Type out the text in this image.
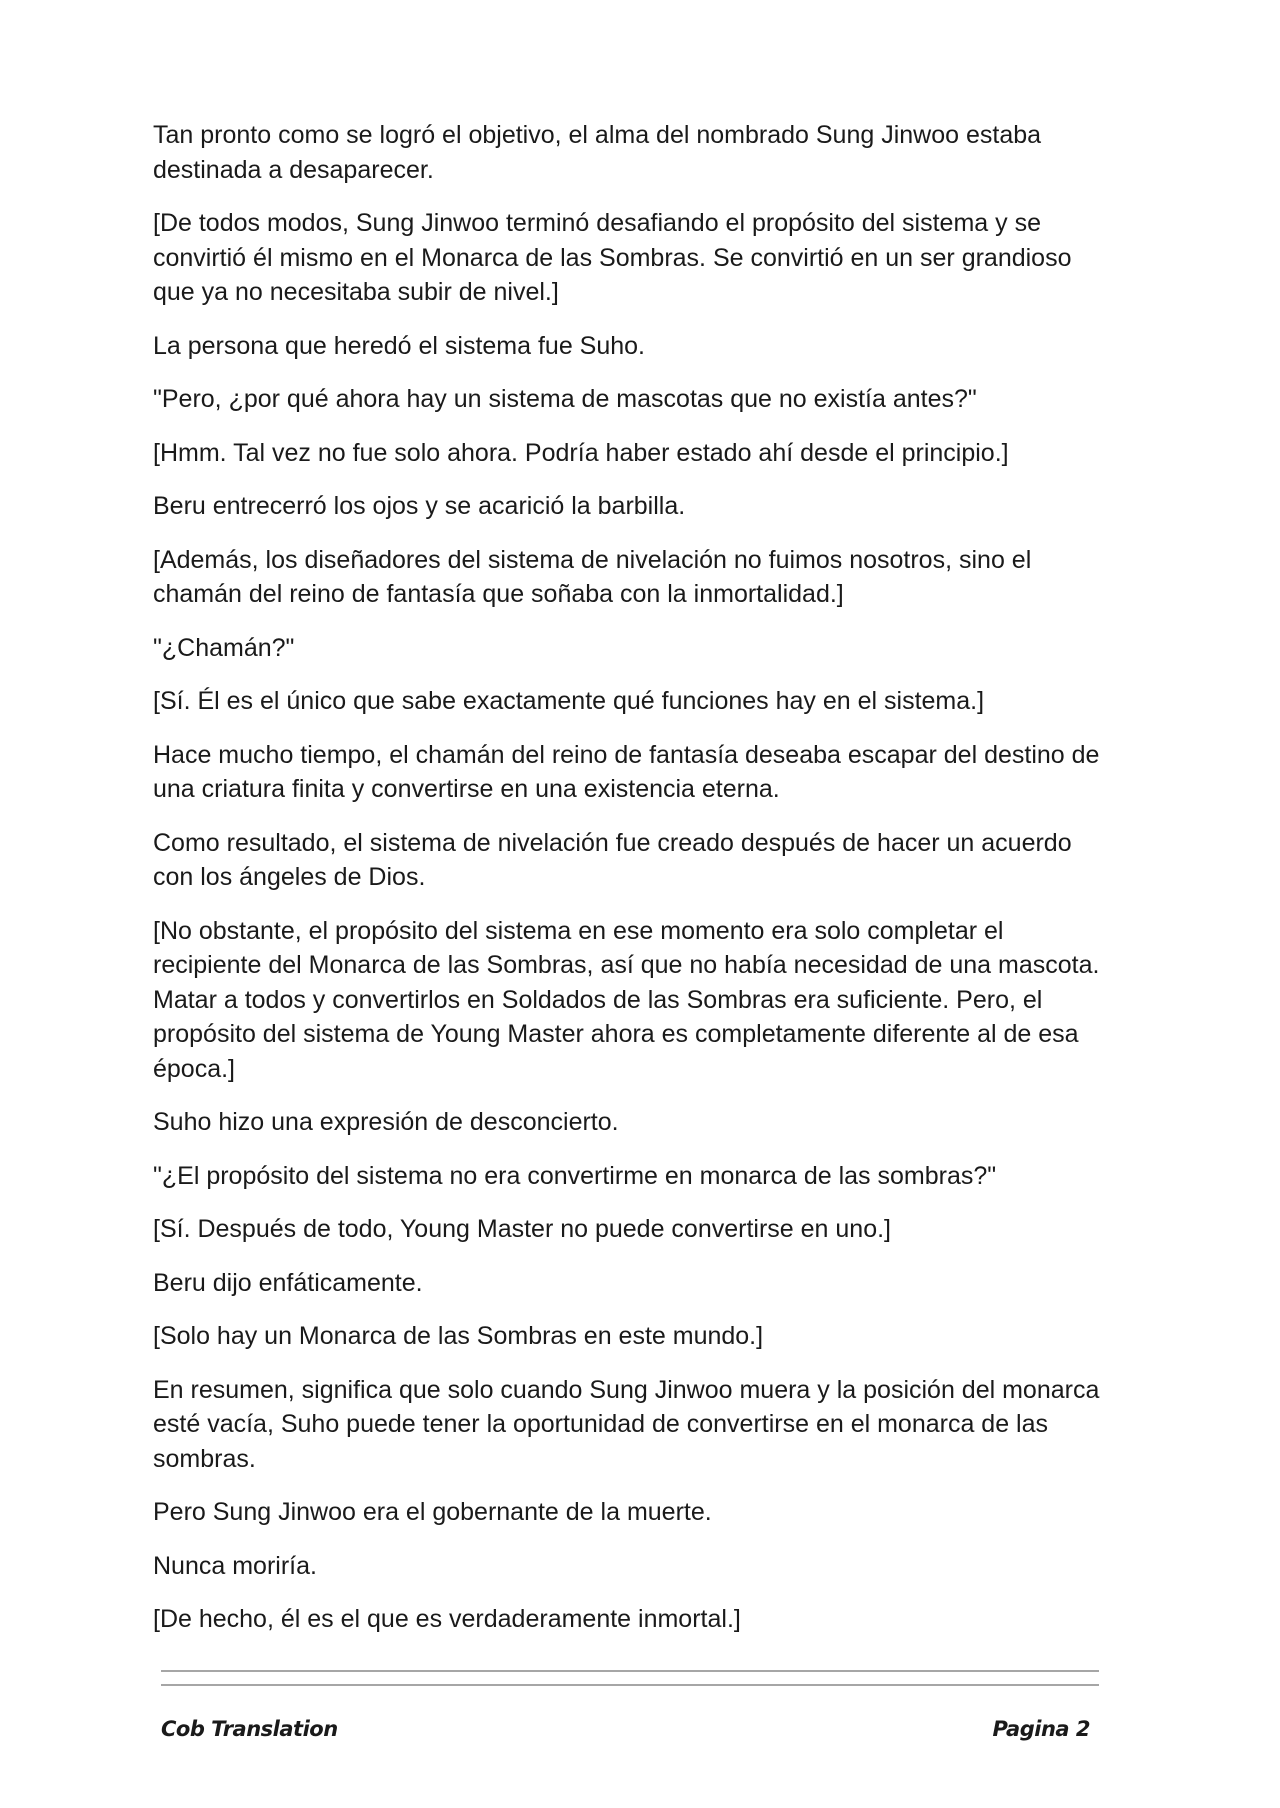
Tan pronto como se logró el objetivo, el alma del nombrado Sung Jinwoo estaba destinada a desaparecer.

[De todos modos, Sung Jinwoo terminó desafiando el propósito del sistema y se convirtió él mismo en el Monarca de las Sombras. Se convirtió en un ser grandioso que ya no necesitaba subir de nivel.]

La persona que heredó el sistema fue Suho.

"Pero, ¿por qué ahora hay un sistema de mascotas que no existía antes?"

[Hmm. Tal vez no fue solo ahora. Podría haber estado ahí desde el principio.]

Beru entrecerró los ojos y se acarició la barbilla.

[Además, los diseñadores del sistema de nivelación no fuimos nosotros, sino el chamán del reino de fantasía que soñaba con la inmortalidad.]

"¿Chamán?"

[Sí. Él es el único que sabe exactamente qué funciones hay en el sistema.]

Hace mucho tiempo, el chamán del reino de fantasía deseaba escapar del destino de una criatura finita y convertirse en una existencia eterna.

Como resultado, el sistema de nivelación fue creado después de hacer un acuerdo con los ángeles de Dios.

[No obstante, el propósito del sistema en ese momento era solo completar el recipiente del Monarca de las Sombras, así que no había necesidad de una mascota. Matar a todos y convertirlos en Soldados de las Sombras era suficiente. Pero, el propósito del sistema de Young Master ahora es completamente diferente al de esa época.]

Suho hizo una expresión de desconcierto.

"¿El propósito del sistema no era convertirme en monarca de las sombras?"

[Sí. Después de todo, Young Master no puede convertirse en uno.]

Beru dijo enfáticamente.

[Solo hay un Monarca de las Sombras en este mundo.]

En resumen, significa que solo cuando Sung Jinwoo muera y la posición del monarca esté vacía, Suho puede tener la oportunidad de convertirse en el monarca de las sombras.

Pero Sung Jinwoo era el gobernante de la muerte.

Nunca moriría.

[De hecho, él es el que es verdaderamente inmortal.]

Cob Translation	Pagina 2
